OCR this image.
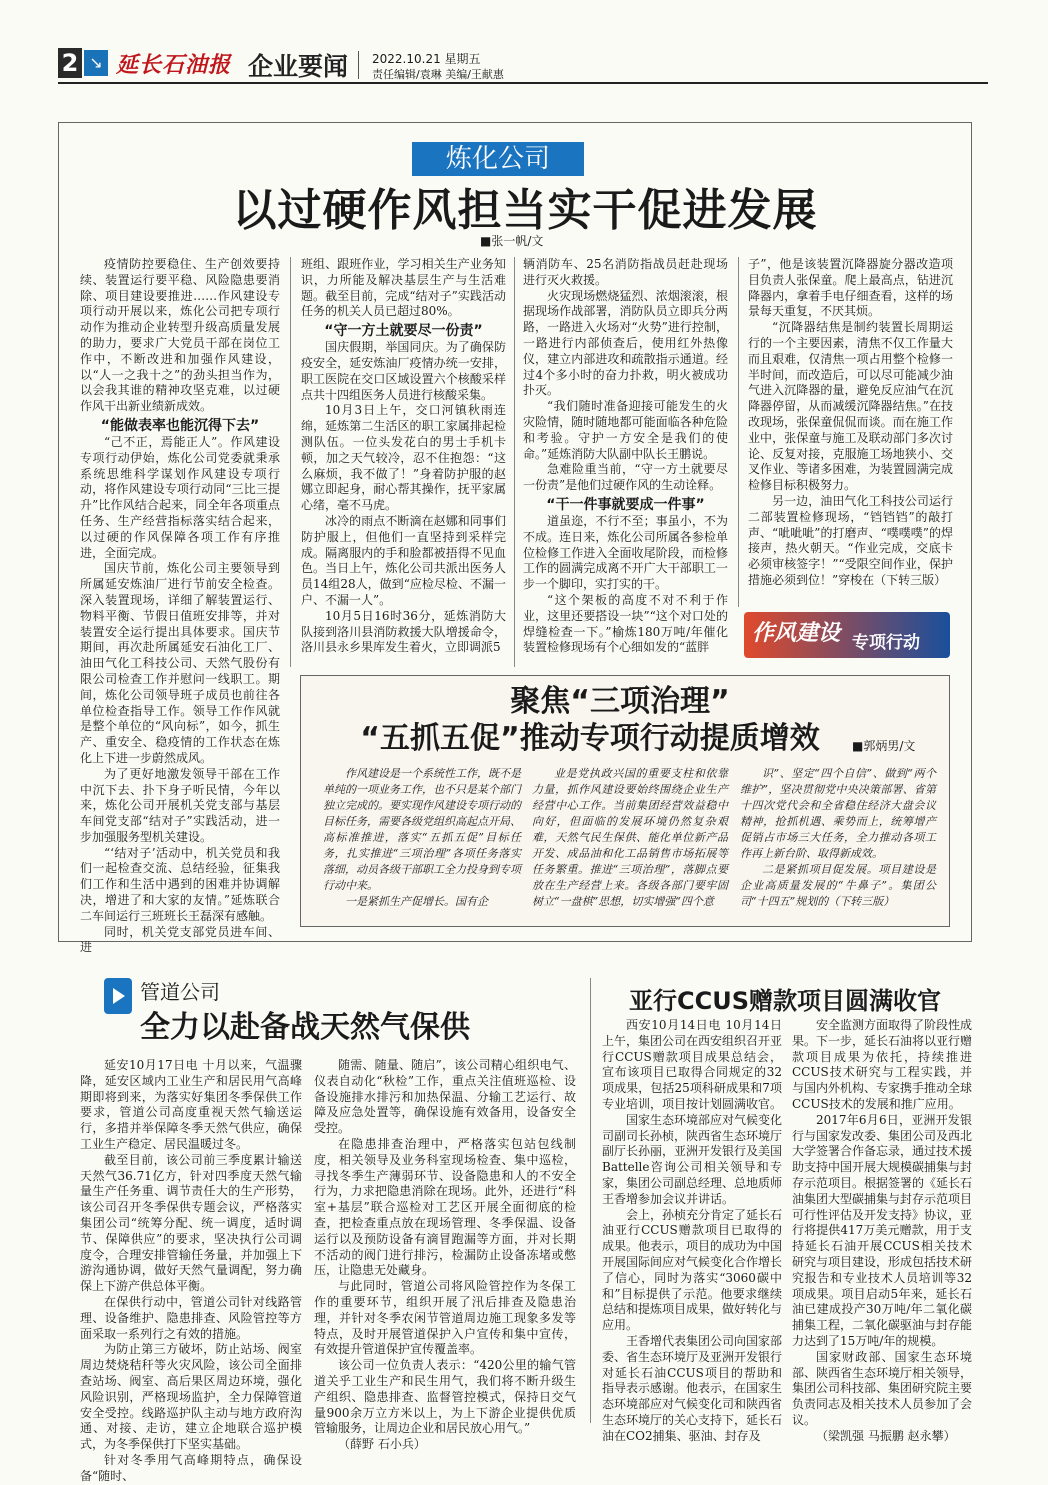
2 ↘ 延长石油报 企业要闻 2022.10.21 星期五
责任编辑/袁琳 美编/王献惠
炼化公司
以过硬作风担当实干促进发展
■张一帆/文

疫情防控要稳住、生产创效要持续、装置运行要平稳、风险隐患要消除、项目建设要推进……作风建设专项行动开展以来，炼化公司把专项行动作为推动企业转型升级高质量发展的助力，要求广大党员干部在岗位工作中，不断改进和加强作风建设，以“人一之我十之”的劲头担当作为，以会我其谁的精神攻坚克难，以过硬作风干出新业绩新成效。

“能做表率也能沉得下去”

“己不正，焉能正人”。作风建设专项行动伊始，炼化公司党委就秉承系统思维科学谋划作风建设专项行动，将作风建设专项行动同“三比三提升”比作风结合起来，同全年各项重点任务、生产经营指标落实结合起来，以过硬的作风保障各项工作有序推进，全面完成。

国庆节前，炼化公司主要领导到所属延安炼油厂进行节前安全检查。深入装置现场，详细了解装置运行、物料平衡、节假日值班安排等，并对装置安全运行提出具体要求。国庆节期间，再次赴所属延安石油化工厂、油田气化工科技公司、天然气股份有限公司检查工作并慰问一线职工。期间，炼化公司领导班子成员也前往各单位检查指导工作。领导工作作风就是整个单位的“风向标”，如今，抓生产、重安全、稳疫情的工作状态在炼化上下进一步蔚然成风。

为了更好地激发领导干部在工作中沉下去、扑下身子听民情，今年以来，炼化公司开展机关党支部与基层车间党支部“结对子”实践活动，进一步加强服务型机关建设。

“‘结对子’活动中，机关党员和我们一起检查交流、总结经验，征集我们工作和生活中遇到的困难并协调解决，增进了和大家的友情。”延炼联合二车间运行三班班长王磊深有感触。

同时，机关党支部党员进车间、进

班组、跟班作业，学习相关生产业务知识，力所能及解决基层生产与生活难题。截至目前，完成“结对子”实践活动任务的机关人员已超过80%。

“守一方土就要尽一份责”

国庆假期，举国同庆。为了确保防疫安全，延安炼油厂疫情办统一安排，职工医院在交口区域设置六个核酸采样点共十四组医务人员进行核酸采集。

10月3日上午，交口河镇秋雨连绵，延炼第二生活区的职工家属排起检测队伍。一位头发花白的男士手机卡顿，加之天气较冷，忍不住抱怨：“这么麻烦，我不做了！”身着防护服的赵娜立即起身，耐心帮其操作，抚平家属心绪，毫不马虎。

冰冷的雨点不断滴在赵娜和同事们防护服上，但他们一直坚持到采样完成。隔离服内的手和脸都被捂得不见血色。当日上午，炼化公司共派出医务人员14组28人，做到“应检尽检、不漏一户、不漏一人”。

10月5日16时36分，延炼消防大队接到洛川县消防救援大队增援命令，洛川县永乡果库发生着火，立即调派5

辆消防车、25名消防指战员赶赴现场进行灭火救援。

火灾现场燃烧猛烈、浓烟滚滚，根据现场作战部署，消防队员立即兵分两路，一路进入火场对“火势”进行控制，一路进行内部侦查后，使用红外热像仪，建立内部进攻和疏散指示通道。经过4个多小时的奋力扑救，明火被成功扑灭。

“我们随时准备迎接可能发生的火灾险情，随时随地都可能面临各种危险和考验。守护一方安全是我们的使命。”延炼消防大队副中队长王鹏说。

急难险重当前，“守一方土就要尽一份责”是他们过硬作风的生动诠释。

“干一件事就要成一件事”

道虽迩，不行不至；事虽小，不为不成。连日来，炼化公司所属各参检单位检修工作进入全面收尾阶段，而检修工作的圆满完成离不开广大干部职工一步一个脚印，实打实的干。

“这个架板的高度不对不利于作业，这里还要搭设一块”“这个对口处的焊缝检查一下。”榆炼180万吨/年催化装置检修现场有个心细如发的“蓝胖

子”，他是该装置沉降器旋分器改造项目负责人张保童。爬上最高点，钻进沉降器内，拿着手电仔细查看，这样的场景每天重复，不厌其烦。

“沉降器结焦是制约装置长周期运行的一个主要因素，清焦不仅工作量大而且艰难，仅清焦一项占用整个检修一半时间，而改造后，可以尽可能减少油气进入沉降器的量，避免反应油气在沉降器停留，从而减缓沉降器结焦。”在技改现场，张保童侃侃而谈。而在施工作业中，张保童与施工及联动部门多次讨论、反复对接，克服施工场地狭小、交叉作业、等诸多困难，为装置圆满完成检修目标积极努力。

另一边，油田气化工科技公司运行二部装置检修现场，“铛铛铛”的敲打声、“呲呲呲”的打磨声、“噗噗噗”的焊接声，热火朝天。“作业完成，交底卡必须审核签字！”“受限空间作业，保护措施必须到位！”穿梭在（下转三版）

作风建设 专项行动
聚焦“三项治理”
“五抓五促”推动专项行动提质增效	■郭炳男/文

作风建设是一个系统性工作，既不是单纯的一项业务工作，也不只是某个部门独立完成的。要实现作风建设专项行动的目标任务，需要各级党组织高起点开局、高标准推进，落实“五抓五促”目标任务，扎实推进“三项治理”各项任务落实落细，动员各级干部职工全力投身到专项行动中来。

一是紧抓生产促增长。国有企

业是党执政兴国的重要支柱和依靠力量，抓作风建设要始终围绕企业生产经营中心工作。当前集团经营效益稳中向好，但面临的发展环境仍然复杂艰难，天然气民生保供、能化单位新产品开发、成品油和化工品销售市场拓展等任务繁重。推进“三项治理”，落脚点要放在生产经营上来。各级各部门要牢固树立“一盘棋”思想，切实增强“四个意

识”、坚定“四个自信”、做到“两个维护”，坚决贯彻党中央决策部署、省第十四次党代会和全省稳住经济大盘会议精神，抢抓机遇、乘势而上，统筹增产促销占市场三大任务，全力推动各项工作再上新台阶、取得新成效。

二是紧抓项目促发展。项目建设是企业高质量发展的“牛鼻子”。集团公司“十四五”规划的（下转三版）

管道公司
全力以赴备战天然气保供

延安10月17日电 十月以来，气温骤降，延安区域内工业生产和居民用气高峰期即将到来，为落实好集团冬季保供工作要求，管道公司高度重视天然气输送运行，多措并举保障冬季天然气供应，确保工业生产稳定、居民温暖过冬。

截至目前，该公司前三季度累计输送天然气36.71亿方，针对四季度天然气输量生产任务重、调节责任大的生产形势，该公司召开冬季保供专题会议，严格落实集团公司“统筹分配、统一调度，适时调节、保障供应”的要求，坚决执行公司调度令，合理安排管输任务量，并加强上下游沟通协调，做好天然气量调配，努力确保上下游产供总体平衡。

在保供行动中，管道公司针对线路管理、设备维护、隐患排查、风险管控等方面采取一系列行之有效的措施。

为防止第三方破坏，防止站场、阀室周边焚烧秸秆等火灾风险，该公司全面排查站场、阀室、高后果区周边环境，强化风险识别，严格现场监护，全力保障管道安全受控。线路巡护队主动与地方政府沟通、对接、走访，建立企地联合巡护模式，为冬季保供打下坚实基础。

针对冬季用气高峰期特点，确保设备“随时、

随需、随量、随启”，该公司精心组织电气、仪表自动化“秋检”工作，重点关注值班巡检、设备设施排水排污和加热保温、分输工艺运行、故障及应急处置等，确保设施有效备用，设备安全受控。

在隐患排查治理中，严格落实包站包线制度，相关领导及业务科室现场检查、集中巡检，寻找冬季生产薄弱环节、设备隐患和人的不安全行为，力求把隐患消除在现场。此外，还进行“科室+基层”联合巡检对工艺区开展全面彻底的检查，把检查重点放在现场管理、冬季保温、设备运行以及预防设备有滴冒跑漏等方面，并对长期不活动的阀门进行排污，检漏防止设备冻堵或憋压，让隐患无处藏身。

与此同时，管道公司将风险管控作为冬保工作的重要环节，组织开展了汛后排查及隐患治理，并针对冬季农闲节管道周边施工现象多发等特点，及时开展管道保护入户宣传和集中宣传，有效提升管道保护宣传覆盖率。

该公司一位负责人表示：“420公里的输气管道关乎工业生产和民生用气，我们将不断升级生产组织、隐患排查、监督管控模式，保持日交气量900余万立方米以上，为上下游企业提供优质管输服务，让周边企业和居民放心用气。”

（薛野 石小兵）

亚行CCUS赠款项目圆满收官

西安10月14日电 10月14日上午，集团公司在西安组织召开亚行CCUS赠款项目成果总结会，宣布该项目已取得合同规定的32项成果，包括25项科研成果和7项专业培训，项目按计划圆满收官。

国家生态环境部应对气候变化司副司长孙桢，陕西省生态环境厅副厅长孙丽，亚洲开发银行及美国Battelle咨询公司相关领导和专家，集团公司副总经理、总地质师王香增参加会议并讲话。

会上，孙桢充分肯定了延长石油亚行CCUS赠款项目已取得的成果。他表示，项目的成功为中国开展国际间应对气候变化合作增长了信心，同时为落实“3060碳中和”目标提供了示范。他要求继续总结和提炼项目成果，做好转化与应用。

王香增代表集团公司向国家部委、省生态环境厅及亚洲开发银行对延长石油CCUS项目的帮助和指导表示感谢。他表示，在国家生态环境部应对气候变化司和陕西省生态环境厅的关心支持下，延长石油在CO2捕集、驱油、封存及

安全监测方面取得了阶段性成果。下一步，延长石油将以亚行赠款项目成果为依托，持续推进CCUS技术研究与工程实践，并与国内外机构、专家携手推动全球CCUS技术的发展和推广应用。

2017年6月6日，亚洲开发银行与国家发改委、集团公司及西北大学签署合作备忘录，通过技术援助支持中国开展大规模碳捕集与封存示范项目。根据签署的《延长石油集团大型碳捕集与封存示范项目可行性评估及开发支持》协议，亚行将提供417万美元赠款，用于支持延长石油开展CCUS相关技术研究与项目建设，形成包括技术研究报告和专业技术人员培训等32项成果。项目启动5年来，延长石油已建成投产30万吨/年二氧化碳捕集工程，二氧化碳驱油与封存能力达到了15万吨/年的规模。

国家财政部、国家生态环境部、陕西省生态环境厅相关领导，集团公司科技部、集团研究院主要负责同志及相关技术人员参加了会议。

（梁凯强 马振鹏 赵永攀）
